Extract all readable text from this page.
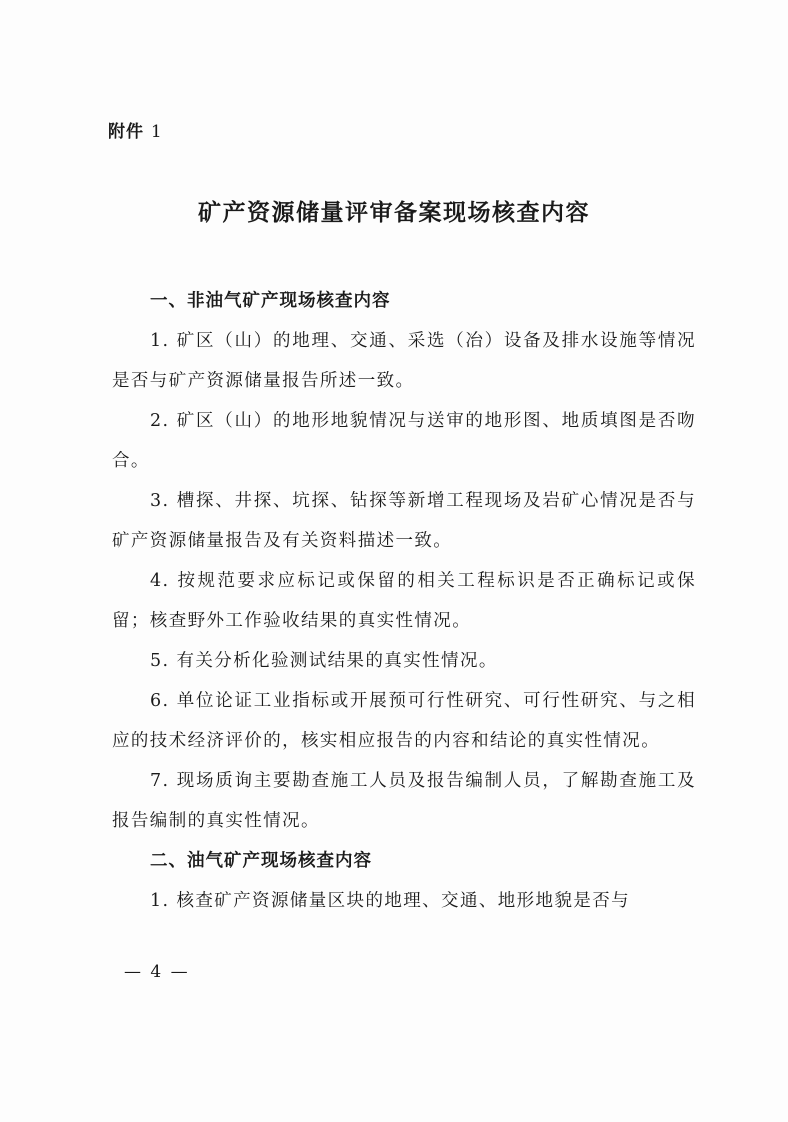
附件 1
矿产资源储量评审备案现场核查内容
一、非油气矿产现场核查内容

1. 矿区（山）的地理、交通、采选（冶）设备及排水设施等情况是否与矿产资源储量报告所述一致。

2. 矿区（山）的地形地貌情况与送审的地形图、地质填图是否吻合。

3. 槽探、井探、坑探、钻探等新增工程现场及岩矿心情况是否与矿产资源储量报告及有关资料描述一致。

4. 按规范要求应标记或保留的相关工程标识是否正确标记或保留；核查野外工作验收结果的真实性情况。

5. 有关分析化验测试结果的真实性情况。

6. 单位论证工业指标或开展预可行性研究、可行性研究、与之相应的技术经济评价的，核实相应报告的内容和结论的真实性情况。

7. 现场质询主要勘查施工人员及报告编制人员，了解勘查施工及报告编制的真实性情况。

二、油气矿产现场核查内容

1. 核查矿产资源储量区块的地理、交通、地形地貌是否与

— 4 —
